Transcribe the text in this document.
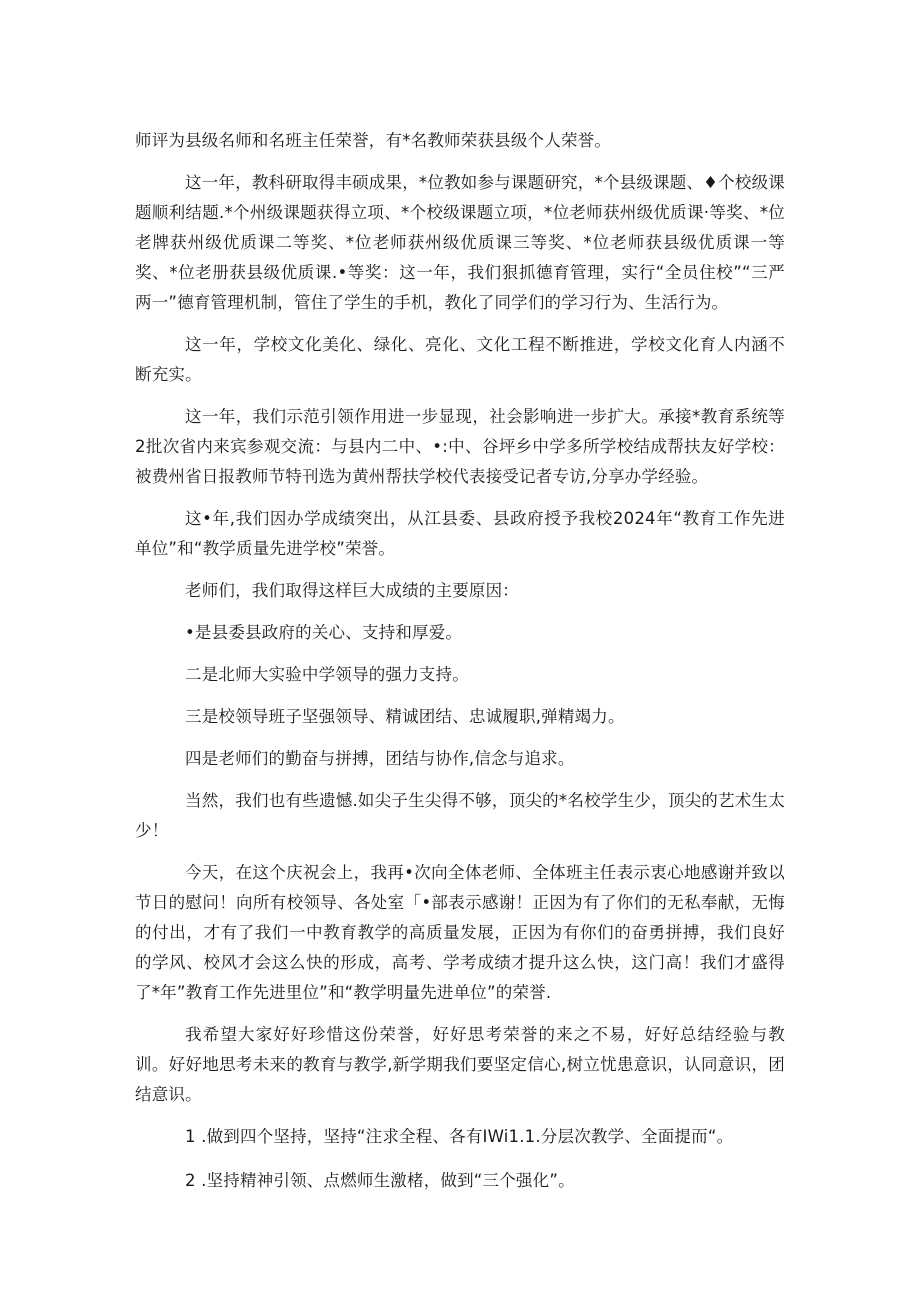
师评为县级名师和名班主任荣誉，有*名教师荣获县级个人荣誉。

这一年，教科研取得丰硕成果，*位教如参与课题研究，*个县级课题、♦个校级课题顺利结题.*个州级课题获得立项、*个校级课题立项，*位老师获州级优质课·等奖、*位老牌获州级优质课二等奖、*位老师获州级优质课三等奖、*位老师获县级优质课一等奖、*位老册获县级优质课.•等奖：这一年，我们狠抓德育管理，实行“全员住校”“三严两一”德育管理机制，管住了学生的手机，教化了同学们的学习行为、生活行为。

这一年，学校文化美化、绿化、亮化、文化工程不断推进，学校文化育人内涵不断充实。

这一年，我们示范引领作用进一步显现，社会影响进一步扩大。承接*教育系统等2批次省内来宾参观交流：与县内二中、•:中、谷坪乡中学多所学校结成帮扶友好学校：被费州省日报教师节特刊选为黄州帮扶学校代表接受记者专访,分享办学经验。

这•年,我们因办学成绩突出，从江县委、县政府授予我校2024年“教育工作先进单位”和“教学质量先进学校”荣誉。

老师们，我们取得这样巨大成绩的主要原因：

•是县委县政府的关心、支持和厚爱。

二是北师大实验中学领导的强力支持。

三是校领导班子坚强领导、精诚团结、忠诚履职,弹精竭力。

四是老师们的勤奋与拼搏，团结与协作,信念与追求。

当然，我们也有些遗憾.如尖子生尖得不够，顶尖的*名校学生少，顶尖的艺术生太少！

今天，在这个庆祝会上，我再•次向全体老师、全体班主任表示衷心地感谢并致以节日的慰问！向所有校领导、各处室「•部表示感谢！正因为有了你们的无私奉献，无悔的付出，才有了我们一中教育教学的高质量发展，正因为有你们的奋勇拼搏，我们良好的学风、校风才会这么快的形成，高考、学考成绩才提升这么快，这门高！我们才盛得了*年”教育工作先进里位”和“教学明量先进单位”的荣誉.

我希望大家好好珍惜这份荣誉，好好思考荣誉的来之不易，好好总结经验与教训。好好地思考未来的教育与教学,新学期我们要坚定信心,树立忧患意识，认同意识，团结意识。

1 .做到四个坚持，坚持“注求全程、各有IWi1.1.分层次教学、全面提而“。

2 .坚持精神引领、点燃师生激楮，做到“三个强化”。
